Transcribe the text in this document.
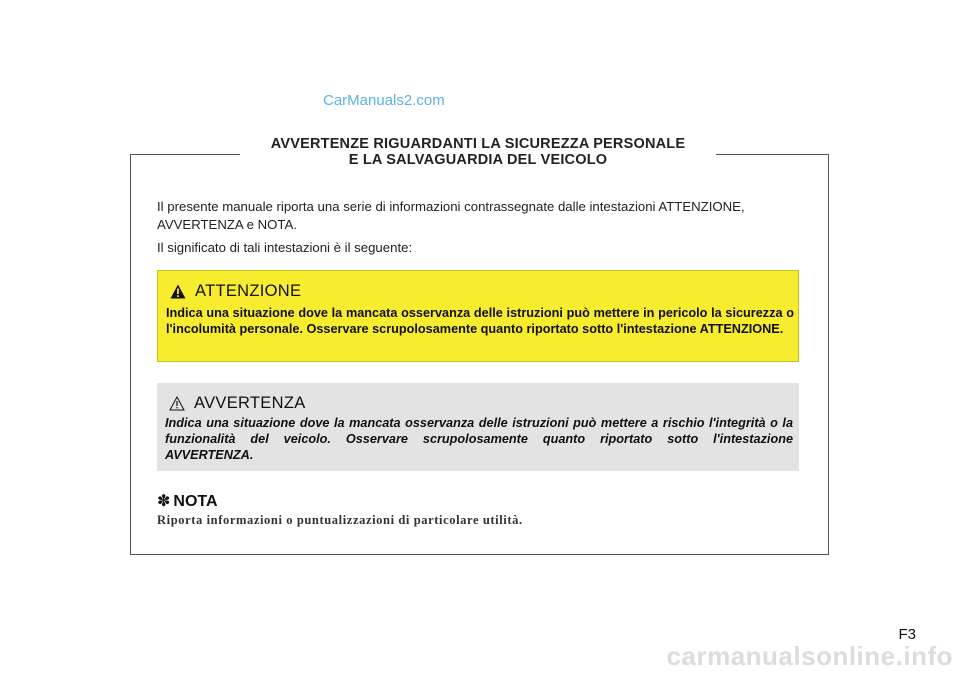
CarManuals2.com
AVVERTENZE RIGUARDANTI LA SICUREZZA PERSONALE
E LA SALVAGUARDIA DEL VEICOLO

Il presente manuale riporta una serie di informazioni contrassegnate dalle intestazioni ATTENZIONE, AVVERTENZA e NOTA.

Il significato di tali intestazioni è il seguente:

ATTENZIONE
Indica una situazione dove la mancata osservanza delle istruzioni può mettere in pericolo la sicurezza o l'incolumità personale. Osservare scrupolosamente quanto riportato sotto l'intestazione ATTENZIONE.
AVVERTENZA
Indica una situazione dove la mancata osservanza delle istruzioni può mettere a rischio l'integrità o la funzionalità del veicolo. Osservare scrupolosamente quanto riportato sotto l'intestazione AVVERTENZA.
✽ NOTA
Riporta informazioni o puntualizzazioni di particolare utilità.
F3
carmanualsonline.info
